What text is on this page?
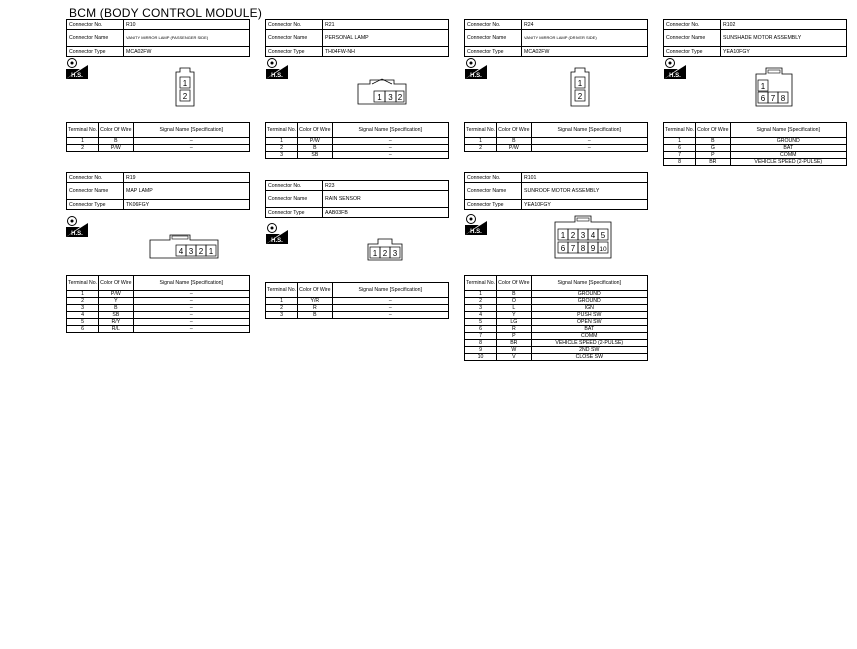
BCM (BODY CONTROL MODULE)
Connector No.	R10
Connector Name	VANITY MIRROR LAMP (PASSENGER SIDE)
Connector Type	MCA02FW
H.S.
1
2
Terminal No.	Color Of Wire	Signal Name [Specification]
1	B	–
2	P/W	–
Connector No.	R21
Connector Name	PERSONAL LAMP
Connector Type	TH04FW-NH
H.S.
1 3 2
Terminal No.	Color Of Wire	Signal Name [Specification]
1	P/W	–
2	B	–
3	SB	–
Connector No.	R24
Connector Name	VANITY MIRROR LAMP (DRIVER SIDE)
Connector Type	MCA02FW
H.S.
1
2
Terminal No.	Color Of Wire	Signal Name [Specification]
1	B	–
2	P/W	–
Connector No.	R102
Connector Name	SUNSHADE MOTOR ASSEMBLY
Connector Type	YEA10FGY
H.S.
1
6 7 8
Terminal No.	Color Of Wire	Signal Name [Specification]
1	B	GROUND
6	G	BAT
7	P	COMM
8	BR	VEHICLE SPEED (2-PULSE)
Connector No.	R19
Connector Name	MAP LAMP
Connector Type	TK06FGY
H.S.
4 3 2 1
Terminal No.	Color Of Wire	Signal Name [Specification]
1	P/W	–
2	Y	–
3	B	–
4	SB	–
5	R/Y	–
6	R/L	–
Connector No.	R23
Connector Name	RAIN SENSOR
Connector Type	AAB03FB
H.S.
1 2 3
Terminal No.	Color Of Wire	Signal Name [Specification]
1	Y/R	–
2	R	–
3	B	–
Connector No.	R101
Connector Name	SUNROOF MOTOR ASSEMBLY
Connector Type	YEA10FGY
H.S.	1 2 3 4 5
6 7 8 9 10
Terminal No.	Color Of Wire	Signal Name [Specification]
1	B	GROUND
2	O	GROUND
3	L	IGN
4	Y	PUSH SW
5	LG	OPEN SW
6	R	BAT
7	P	COMM
8	BR	VEHICLE SPEED (2-PULSE)
9	W	2ND SW
10	V	CLOSE SW
